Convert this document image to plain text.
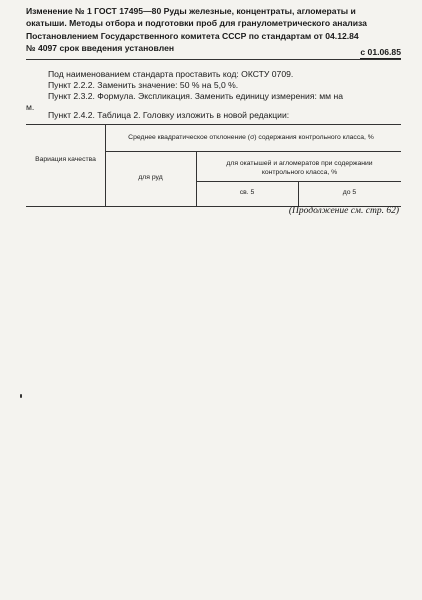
Изменение № 1 ГОСТ 17495—80 Руды железные, концентраты, агломераты и
окатыши. Методы отбора и подготовки проб для гранулометрического анализа
Постановлением Государственного комитета СССР по стандартам от 04.12.84
№ 4097 срок введения установлен	с 01.06.85
Под наименованием стандарта проставить код: ОКСТУ 0709.
Пункт 2.2.2. Заменить значение: 50 % на 5,0 %.
Пункт 2.3.2. Формула. Экспликация. Заменить единицу измерения: мм на
м.
Пункт 2.4.2. Таблица 2. Головку изложить в новой редакции:
Вариация качества
Среднее квадратическое отклонение (σ) содержания контрольного класса, %
для руд
для окатышей и агломератов при содержании контрольного класса, %
св. 5	до 5
(Продолжение см. стр. 62)
